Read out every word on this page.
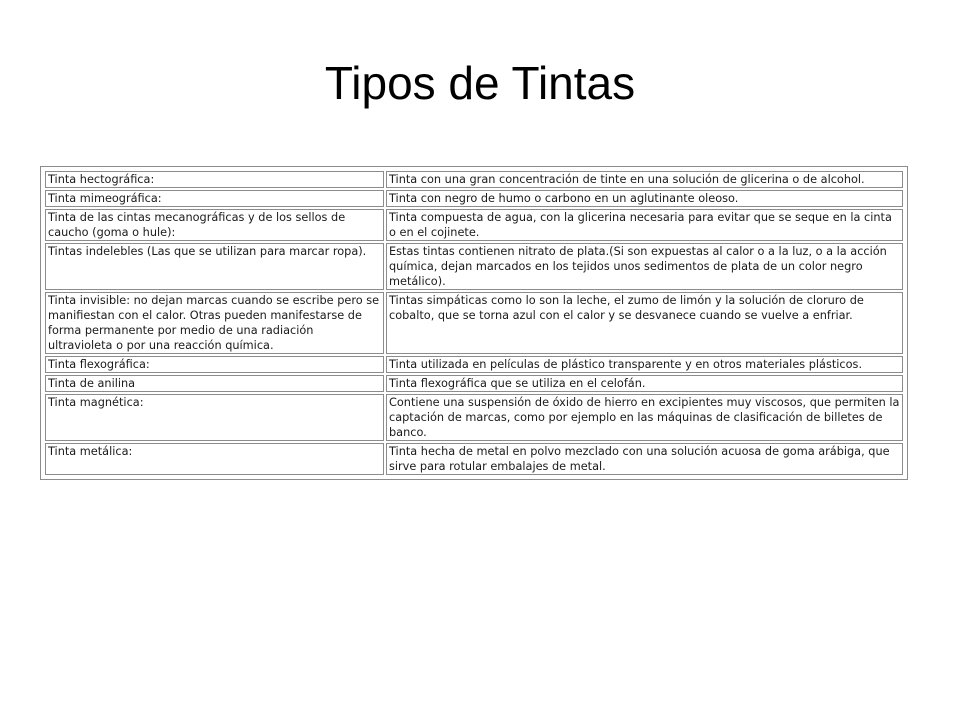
Tipos de Tintas
Tinta hectográfica:	Tinta con una gran concentración de tinte en una solución de glicerina o de alcohol.
Tinta mimeográfica:	Tinta con negro de humo o carbono en un aglutinante oleoso.
Tinta de las cintas mecanográficas y de los sellos de caucho (goma o hule):	Tinta compuesta de agua, con la glicerina necesaria para evitar que se seque en la cinta o en el cojinete.
Tintas indelebles (Las que se utilizan para marcar ropa).	Estas tintas contienen nitrato de plata.(Si son expuestas al calor o a la luz, o a la acción química, dejan marcados en los tejidos unos sedimentos de plata de un color negro metálico).
Tinta invisible: no dejan marcas cuando se escribe pero se manifiestan con el calor. Otras pueden manifestarse de forma permanente por medio de una radiación ultravioleta o por una reacción química.	Tintas simpáticas como lo son la leche, el zumo de limón y la solución de cloruro de cobalto, que se torna azul con el calor y se desvanece cuando se vuelve a enfriar.
Tinta flexográfica:	Tinta utilizada en películas de plástico transparente y en otros materiales plásticos.
Tinta de anilina	Tinta flexográfica que se utiliza en el celofán.
Tinta magnética:	Contiene una suspensión de óxido de hierro en excipientes muy viscosos, que permiten la captación de marcas, como por ejemplo en las máquinas de clasificación de billetes de banco.
Tinta metálica:	Tinta hecha de metal en polvo mezclado con una solución acuosa de goma arábiga, que sirve para rotular embalajes de metal.
